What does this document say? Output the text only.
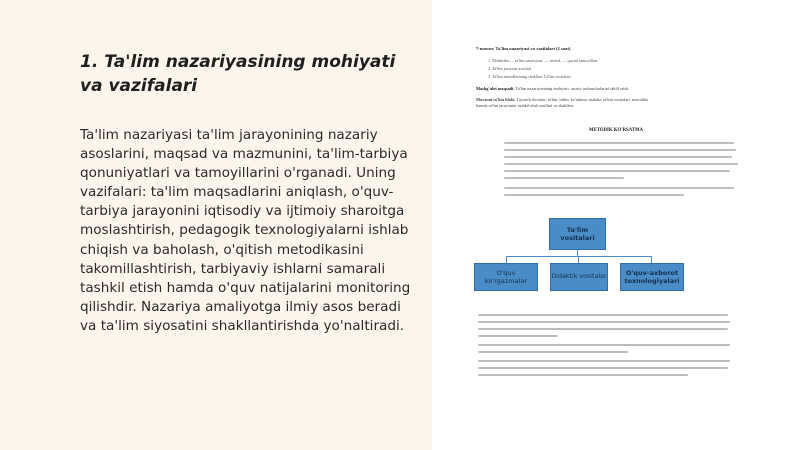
1. Ta'lim nazariyasining mohiyati va vazifalari

Ta'lim nazariyasi ta'lim jarayonining nazariy asoslarini, maqsad va mazmunini, ta'lim-tarbiya qonuniyatlari va tamoyillarini o'rganadi. Uning vazifalari: ta'lim maqsadlarini aniqlash, o'quv-tarbiya jarayonini iqtisodiy va ijtimoiy sharoitga moslashtirish, pedagogik texnologiyalarni ishlab chiqish va baholash, o'qitish metodikasini takomillashtirish, tarbiyaviy ishlarni samarali tashkil etish hamda o'quv natijalarini monitoring qilishdir. Nazariya amaliyotga ilmiy asos beradi va ta'lim siyosatini shakllantirishda yo'naltiradi.

7-mavzu: Ta'lim nazariyasi va vazifalari (2 soat)
1. Didaktika — ta'lim nazariyasi, — metod, — quyati tamoyillari.
2. Ta'lim jarayoni asoslari.
3. Ta'lim metodlarining shakllari Ta'lim vositalari.
Mashg'ulot maqsadi. Ta'lim nazariyasining mohiyati, asosiy tushunchalarini tahlil etish.
Mavzuni ta'lim bloki. Tayanch iboralar: ta'lim, bilim, ko'nikma, malaka, ta'lim vositalari, metodika
hamda ta'lim jarayonini tashkil etish usullari va shakllari.
METODIK KO'RSATMA
Ta'lim vositalari
O'quv ko'rgazmalar
Didaktik vositalar	O'quv-axborot texnologiyalari
